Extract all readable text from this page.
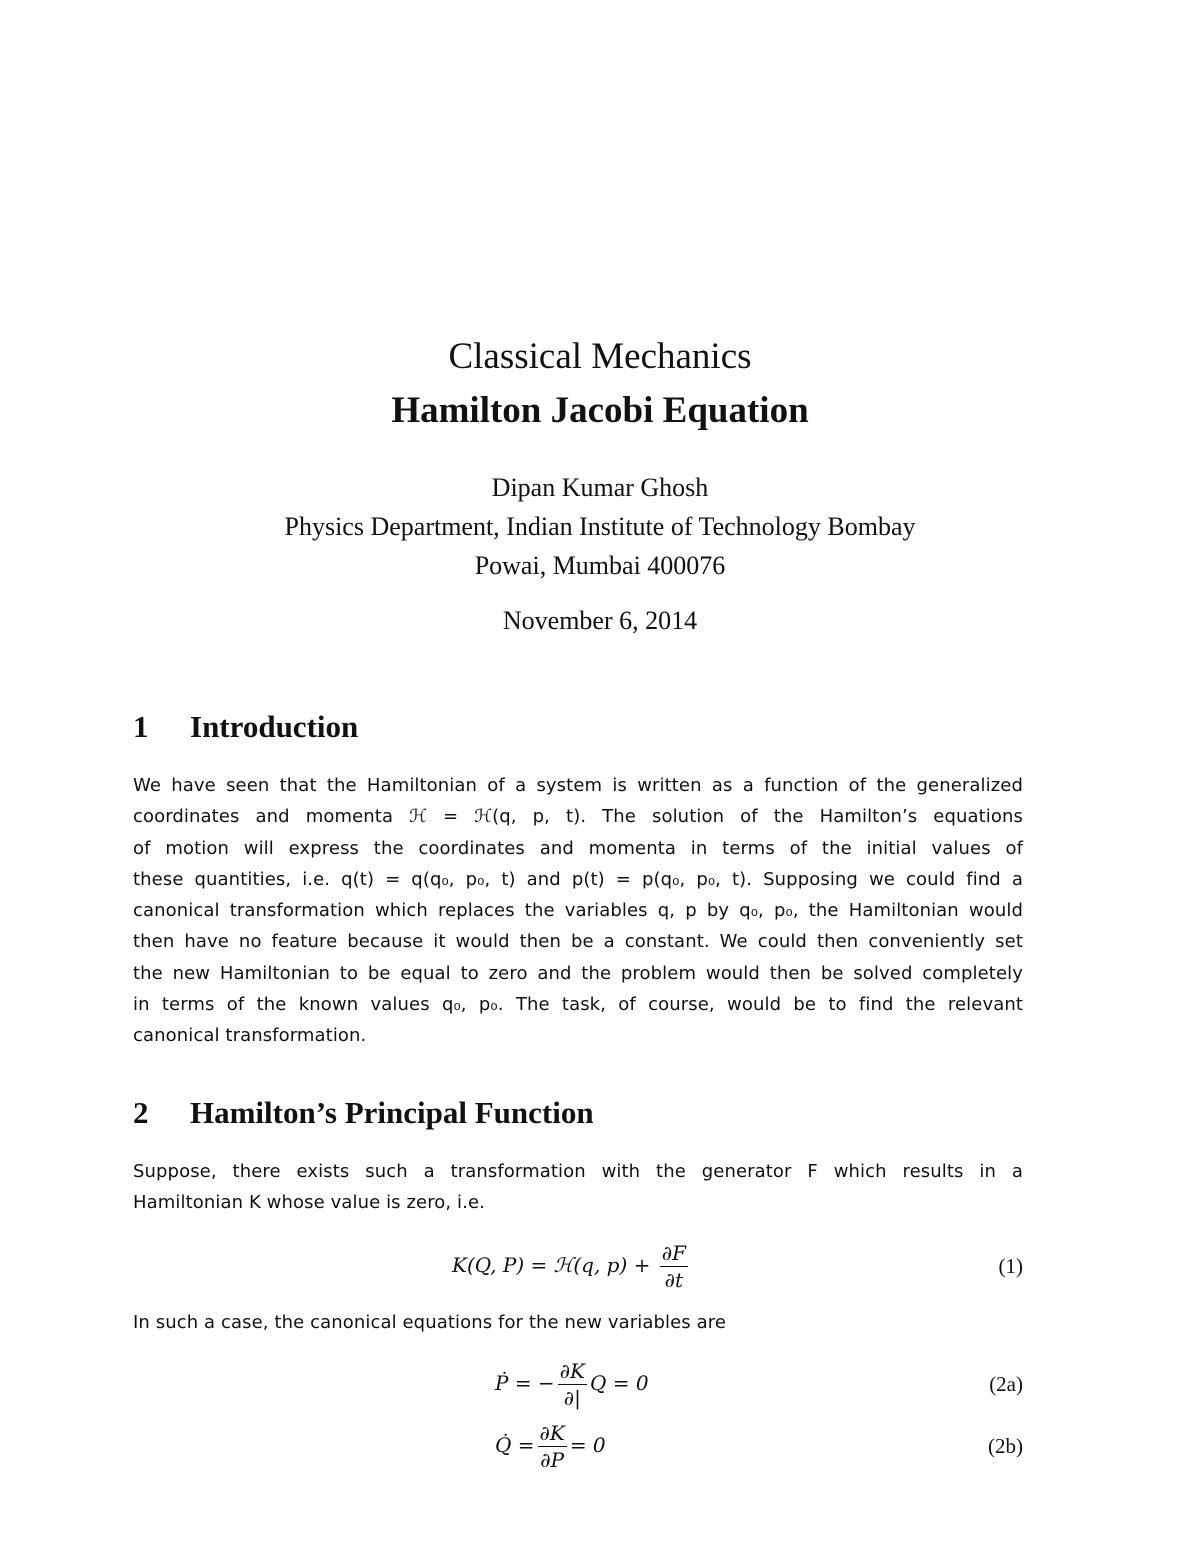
Classical Mechanics
Hamilton Jacobi Equation
Dipan Kumar Ghosh
Physics Department, Indian Institute of Technology Bombay
Powai, Mumbai 400076
November 6, 2014
1 Introduction
We have seen that the Hamiltonian of a system is written as a function of the generalized
coordinates and momenta ℋ = ℋ(q, p, t). The solution of the Hamilton’s equations
of motion will express the coordinates and momenta in terms of the initial values of
these quantities, i.e. q(t) = q(q₀, p₀, t) and p(t) = p(q₀, p₀, t). Supposing we could find a
canonical transformation which replaces the variables q, p by q₀, p₀, the Hamiltonian would
then have no feature because it would then be a constant. We could then conveniently set
the new Hamiltonian to be equal to zero and the problem would then be solved completely
in terms of the known values q₀, p₀. The task, of course, would be to find the relevant
canonical transformation.
2 Hamilton’s Principal Function
Suppose, there exists such a transformation with the generator F which results in a
Hamiltonian K whose value is zero, i.e.
K(Q, P) = ℋ(q, $p) + \frac{\partial F}{\partial t}$	(1)
In such a case, the canonical equations for the new variables are
Ṗ = − $\frac{\partial K}{\partial|}$ Q = 0	(2a)
Q̇ = $\frac{\partial K}{\partial P} = 0$	(2b)
